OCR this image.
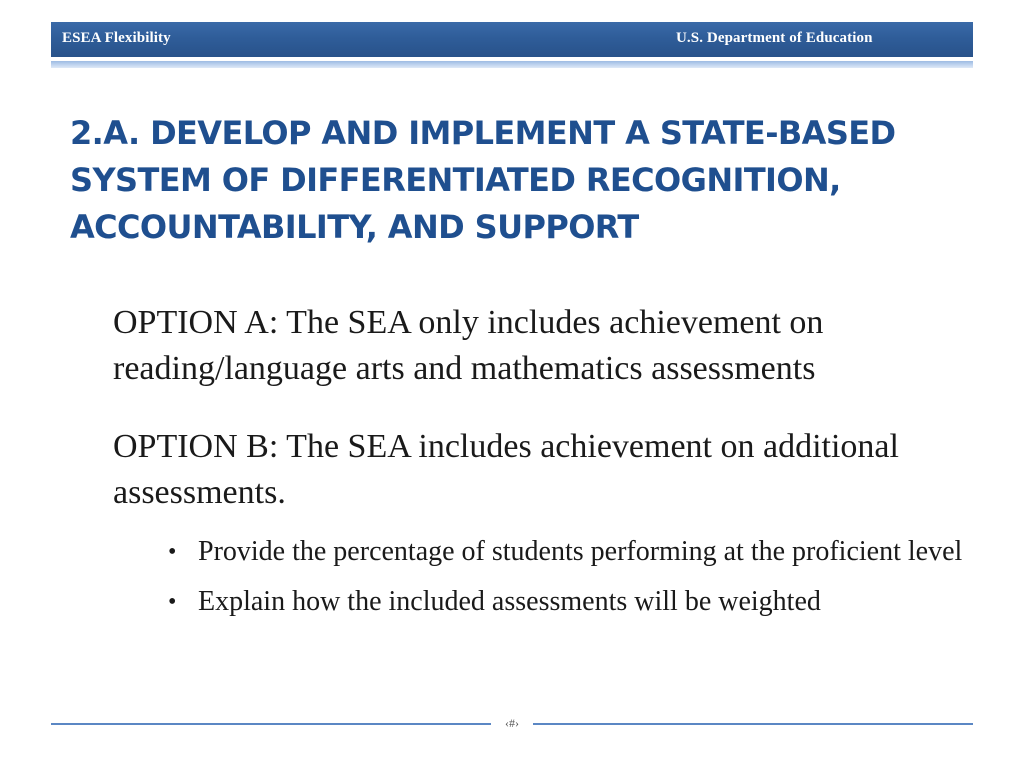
ESEA Flexibility	U.S. Department of Education
2.A. DEVELOP AND IMPLEMENT A STATE-BASED SYSTEM OF DIFFERENTIATED RECOGNITION, ACCOUNTABILITY, AND SUPPORT

OPTION A: The SEA only includes achievement on reading/language arts and mathematics assessments

OPTION B: The SEA includes achievement on additional assessments.

• Provide the percentage of students performing at the proficient level
• Explain how the included assessments will be weighted
‹#›
